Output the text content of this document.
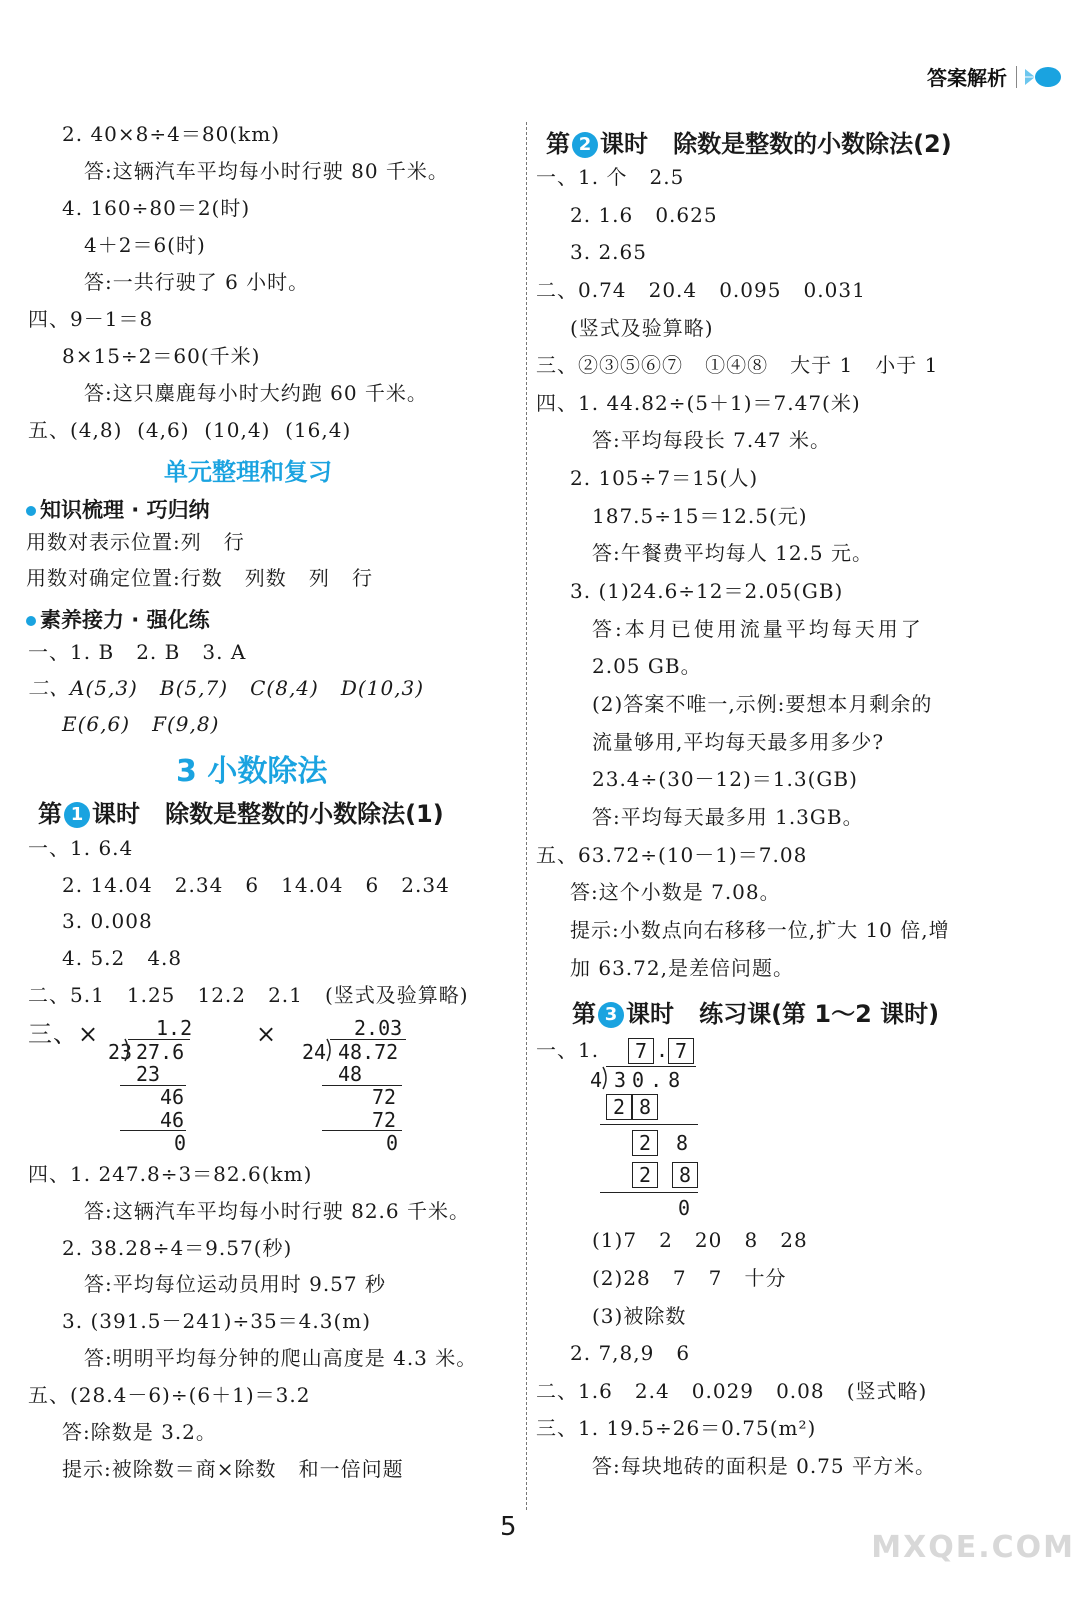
答案解析
2. 40×8÷4＝80(km)
答:这辆汽车平均每小时行驶 80 千米。
4. 160÷80＝2(时)
4＋2＝6(时)
答:一共行驶了 6 小时。
四、9－1＝8
8×15÷2＝60(千米)
答:这只麋鹿每小时大约跑 60 千米。
五、(4,8)  (4,6)  (10,4)  (16,4)
单元整理和复习
知识梳理 · 巧归纳
用数对表示位置:列   行
用数对确定位置:行数   列数   列   行
素养接力 · 强化练
一、1. B   2. B   3. A
二、A(5,3)   B(5,7)   C(8,4)   D(10,3)
E(6,6)   F(9,8)
3 小数除法
第 1 课时   除数是整数的小数除法(1)
一、1. 6.4
2. 14.04   2.34   6   14.04   6   2.34
3. 0.008
4. 5.2   4.8
二、5.1   1.25   12.2   2.1   (竖式及验算略)
三、×	×
1.2
23 27.6
23
46
46
0
2.03
24 48.72
48
72
72
0
四、1. 247.8÷3＝82.6(km)
答:这辆汽车平均每小时行驶 82.6 千米。
2. 38.28÷4＝9.57(秒)
答:平均每位运动员用时 9.57 秒
3. (391.5－241)÷35＝4.3(m)
答:明明平均每分钟的爬山高度是 4.3 米。
五、(28.4－6)÷(6＋1)＝3.2
答:除数是 3.2。
提示:被除数＝商×除数   和一倍问题
第 2 课时   除数是整数的小数除法(2)
一、1. 个   2.5
2. 1.6   0.625
3. 2.65
二、0.74   20.4   0.095   0.031
(竖式及验算略)
三、②③⑤⑥⑦   ①④⑧   大于 1   小于 1
四、1. 44.82÷(5＋1)＝7.47(米)
答:平均每段长 7.47 米。
2. 105÷7＝15(人)
187.5÷15＝12.5(元)
答:午餐费平均每人 12.5 元。
3. (1)24.6÷12＝2.05(GB)
答:本月已使用流量平均每天用了
2.05 GB。
(2)答案不唯一,示例:要想本月剩余的
流量够用,平均每天最多用多少?
23.4÷(30－12)＝1.3(GB)
答:平均每天最多用 1.3GB。
五、63.72÷(10－1)＝7.08
答:这个小数是 7.08。
提示:小数点向右移移一位,扩大 10 倍,增
加 63.72,是差倍问题。
第 3 课时   练习课(第 1～2 课时)
一、1.	7 . 7
4 30.8
2 8
2	8
2	8
0
(1)7   2   20   8   28
(2)28   7   7   十分
(3)被除数
2. 7,8,9   6
二、1.6   2.4   0.029   0.08   (竖式略)
三、1. 19.5÷26＝0.75(m²)
答:每块地砖的面积是 0.75 平方米。
5
MXQE.COM
